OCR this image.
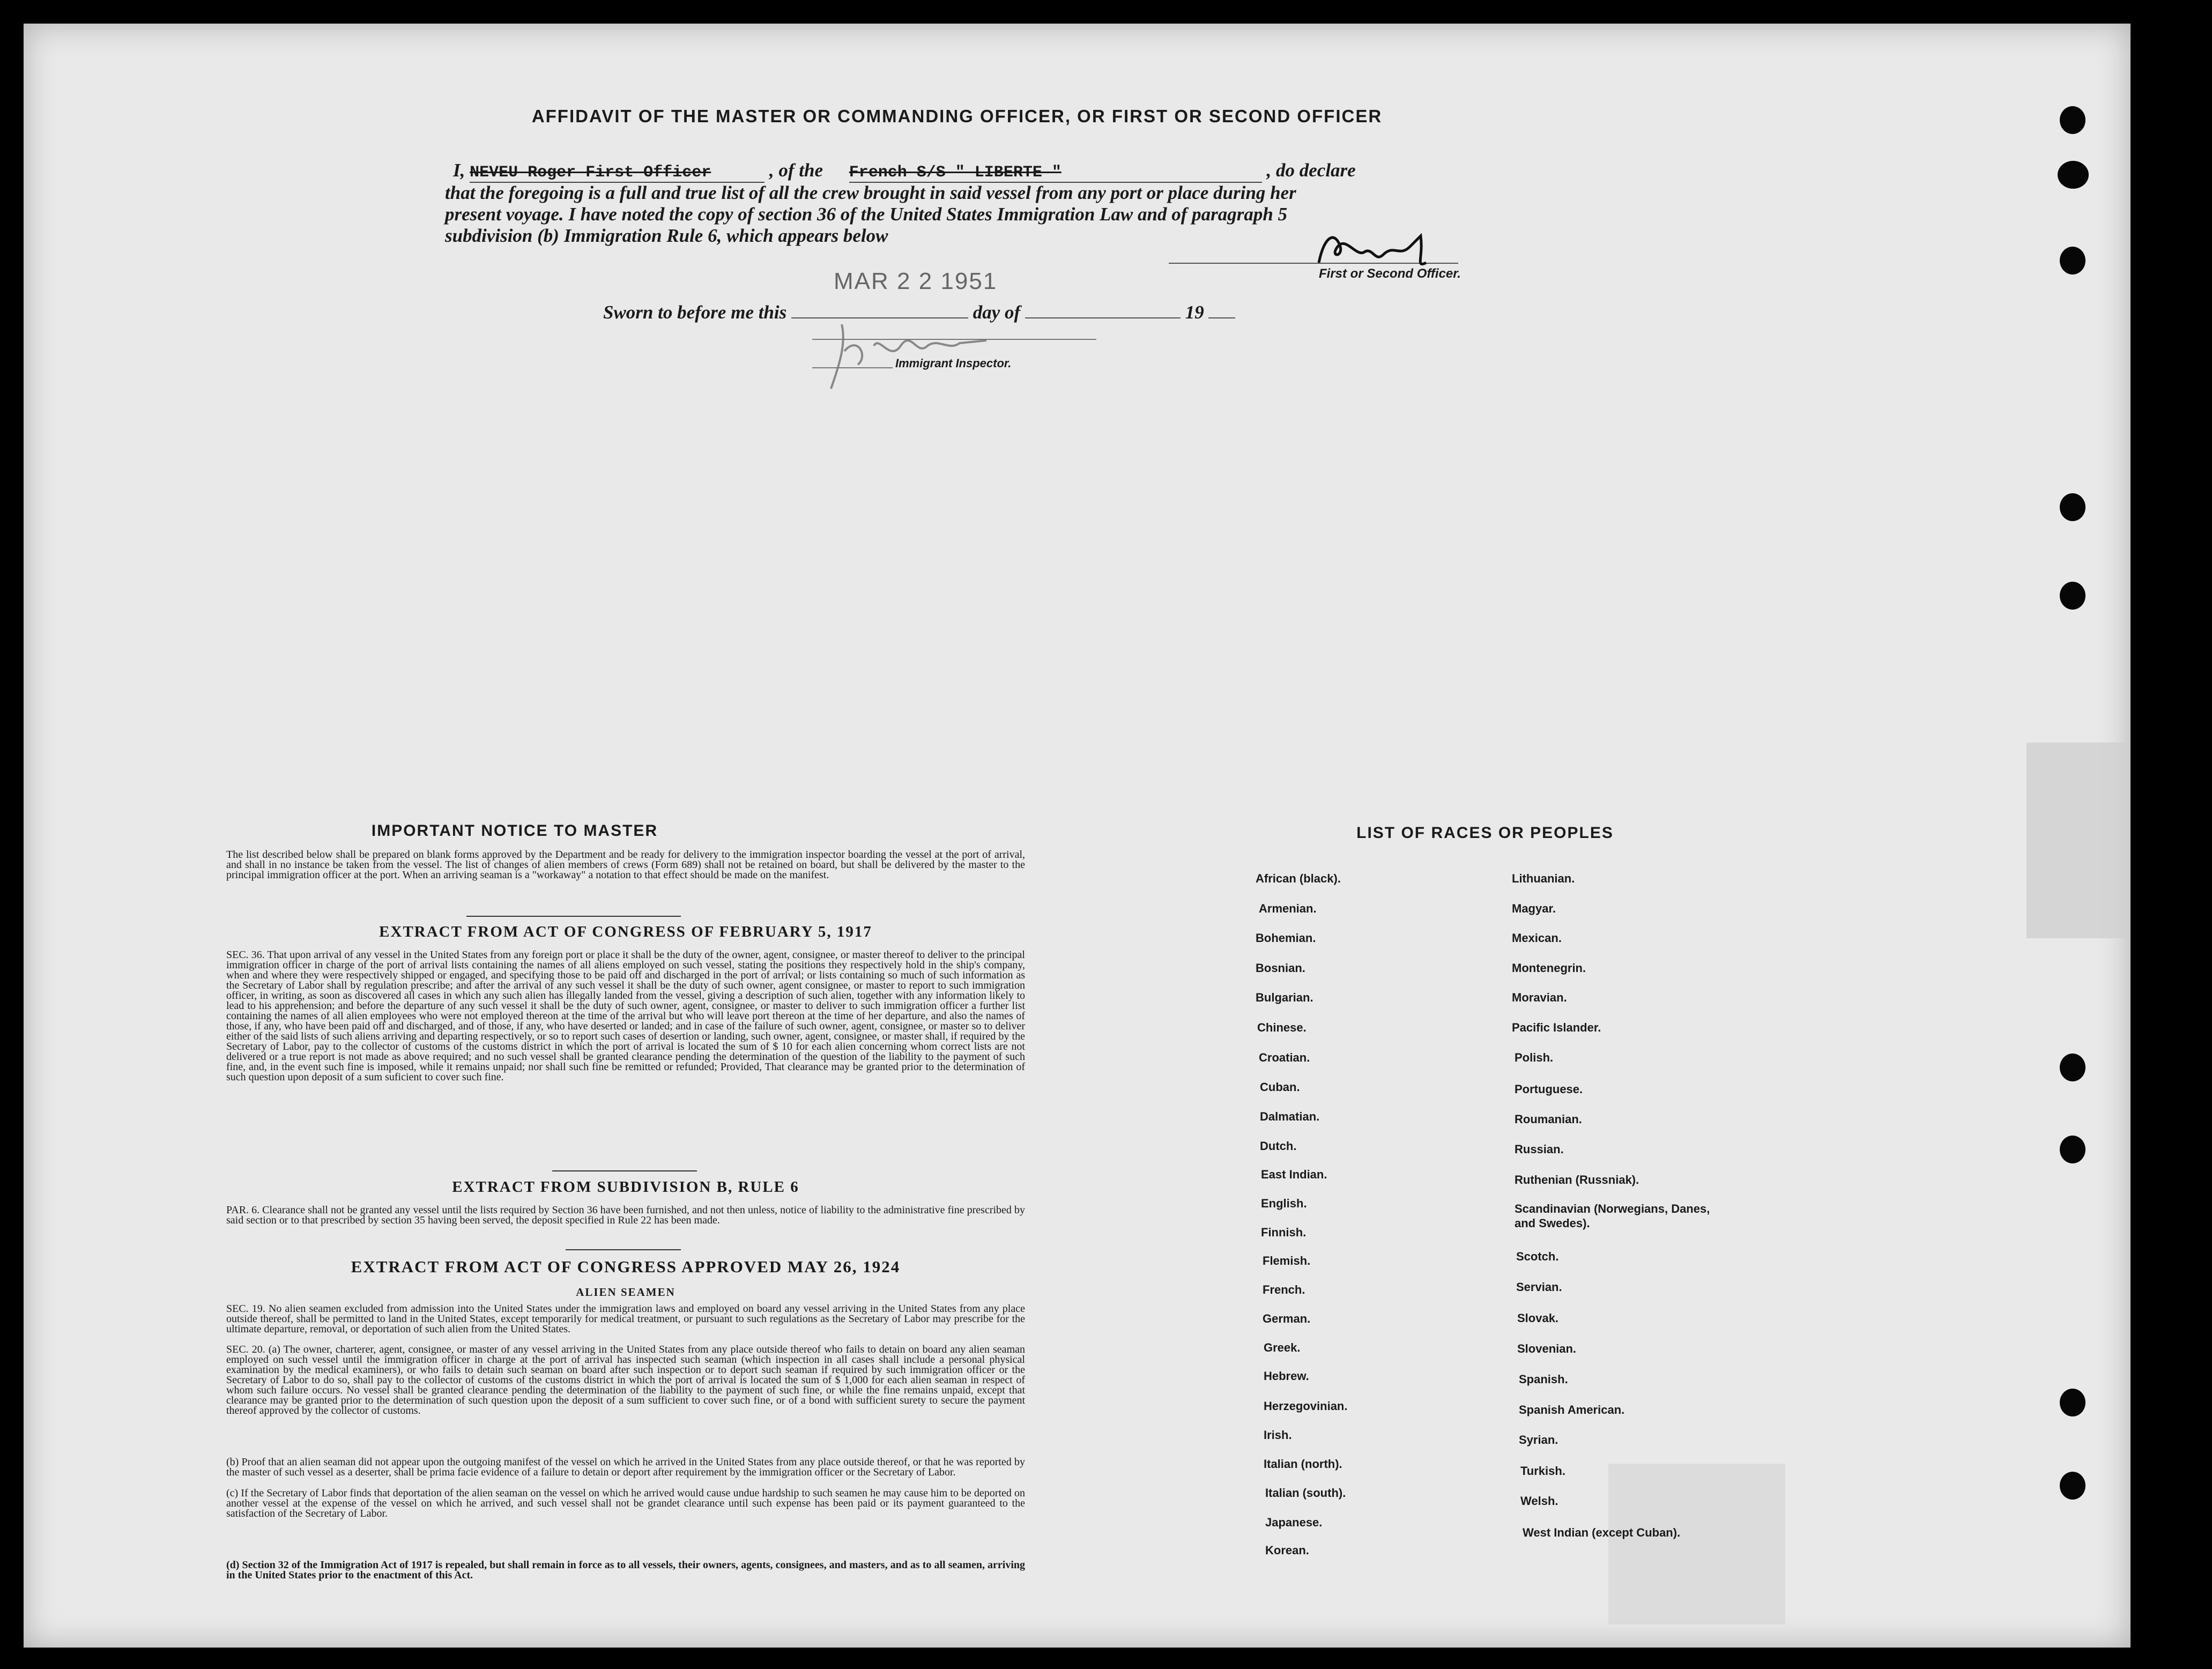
AFFIDAVIT OF THE MASTER OR COMMANDING OFFICER, OR FIRST OR SECOND OFFICER
I, NEVEU Roger First Officer	, of the French S/S " LIBERTE "	, do declare
that the foregoing is a full and true list of all the crew brought in said vessel from any port or place during her
present voyage. I have noted the copy of section 36 of the United States Immigration Law and of paragraph 5
subdivision (b) Immigration Rule 6, which appears below
First or Second Officer.
MAR 2 2 1951
Sworn to before me this	day of	19
Immigrant Inspector.
IMPORTANT NOTICE TO MASTER
The list described below shall be prepared on blank forms approved by the Department and be ready for delivery to the immigration inspector boarding the vessel at the port of arrival, and shall in no instance be taken from the vessel. The list of changes of alien members of crews (Form 689) shall not be retained on board, but shall be delivered by the master to the principal immigration officer at the port. When an arriving seaman is a "workaway" a notation to that effect should be made on the manifest.
EXTRACT FROM ACT OF CONGRESS OF FEBRUARY 5, 1917
SEC. 36. That upon arrival of any vessel in the United States from any foreign port or place it shall be the duty of the owner, agent, consignee, or master thereof to deliver to the principal immigration officer in charge of the port of arrival lists containing the names of all aliens employed on such vessel, stating the positions they respectively hold in the ship's company, when and where they were respectively shipped or engaged, and specifying those to be paid off and discharged in the port of arrival; or lists containing so much of such information as the Secretary of Labor shall by regulation prescribe; and after the arrival of any such vessel it shall be the duty of such owner, agent consignee, or master to report to such immigration officer, in writing, as soon as discovered all cases in which any such alien has illegally landed from the vessel, giving a description of such alien, together with any information likely to lead to his apprehension; and before the departure of any such vessel it shall be the duty of such owner, agent, consignee, or master to deliver to such immigration officer a further list containing the names of all alien employees who were not employed thereon at the time of the arrival but who will leave port thereon at the time of her departure, and also the names of those, if any, who have been paid off and discharged, and of those, if any, who have deserted or landed; and in case of the failure of such owner, agent, consignee, or master so to deliver either of the said lists of such aliens arriving and departing respectively, or so to report such cases of desertion or landing, such owner, agent, consignee, or master shall, if required by the Secretary of Labor, pay to the collector of customs of the customs district in which the port of arrival is located the sum of $ 10 for each alien concerning whom correct lists are not delivered or a true report is not made as above required; and no such vessel shall be granted clearance pending the determination of the question of the liability to the payment of such fine, and, in the event such fine is imposed, while it remains unpaid; nor shall such fine be remitted or refunded; Provided, That clearance may be granted prior to the determination of such question upon deposit of a sum suficient to cover such fine.
EXTRACT FROM SUBDIVISION B, RULE 6
PAR. 6. Clearance shall not be granted any vessel until the lists required by Section 36 have been furnished, and not then unless, notice of liability to the administrative fine prescribed by said section or to that prescribed by section 35 having been served, the deposit specified in Rule 22 has been made.
EXTRACT FROM ACT OF CONGRESS APPROVED MAY 26, 1924
ALIEN SEAMEN
SEC. 19. No alien seamen excluded from admission into the United States under the immigration laws and employed on board any vessel arriving in the United States from any place outside thereof, shall be permitted to land in the United States, except temporarily for medical treatment, or pursuant to such regulations as the Secretary of Labor may prescribe for the ultimate departure, removal, or deportation of such alien from the United States.
SEC. 20. (a) The owner, charterer, agent, consignee, or master of any vessel arriving in the United States from any place outside thereof who fails to detain on board any alien seaman employed on such vessel until the immigration officer in charge at the port of arrival has inspected such seaman (which inspection in all cases shall include a personal physical examination by the medical examiners), or who fails to detain such seaman on board after such inspection or to deport such seaman if required by such immigration officer or the Secretary of Labor to do so, shall pay to the collector of customs of the customs district in which the port of arrival is located the sum of $ 1,000 for each alien seaman in respect of whom such failure occurs. No vessel shall be granted clearance pending the determination of the liability to the payment of such fine, or while the fine remains unpaid, except that clearance may be granted prior to the determination of such question upon the deposit of a sum sufficient to cover such fine, or of a bond with sufficient surety to secure the payment thereof approved by the collector of customs.
(b) Proof that an alien seaman did not appear upon the outgoing manifest of the vessel on which he arrived in the United States from any place outside thereof, or that he was reported by the master of such vessel as a deserter, shall be prima facie evidence of a failure to detain or deport after requirement by the immigration officer or the Secretary of Labor.
(c) If the Secretary of Labor finds that deportation of the alien seaman on the vessel on which he arrived would cause undue hardship to such seamen he may cause him to be deported on another vessel at the expense of the vessel on which he arrived, and such vessel shall not be grandet clearance until such expense has been paid or its payment guaranteed to the satisfaction of the Secretary of Labor.
(d) Section 32 of the Immigration Act of 1917 is repealed, but shall remain in force as to all vessels, their owners, agents, consignees, and masters, and as to all seamen, arriving in the United States prior to the enactment of this Act.
LIST OF RACES OR PEOPLES
African (black).
Armenian.
Bohemian.
Bosnian.
Bulgarian.
Chinese.
Croatian.
Cuban.
Dalmatian.
Dutch.
East Indian.
English.
Finnish.
Flemish.
French.
German.
Greek.
Hebrew.
Herzegovinian.
Irish.
Italian (north).
Italian (south).
Japanese.
Korean.
Lithuanian.
Magyar.
Mexican.
Montenegrin.
Moravian.
Pacific Islander.
Polish.
Portuguese.
Roumanian.
Russian.
Ruthenian (Russniak).
Scandinavian (Norwegians, Danes, and Swedes).
Scotch.
Servian.
Slovak.
Slovenian.
Spanish.
Spanish American.
Syrian.
Turkish.
Welsh.
West Indian (except Cuban).
